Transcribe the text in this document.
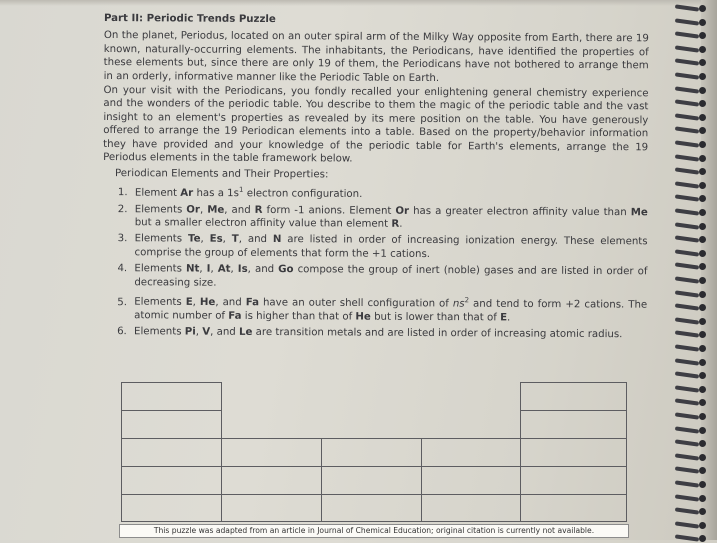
Part II: Periodic Trends Puzzle

On the planet, Periodus, located on an outer spiral arm of the Milky Way opposite from Earth, there are 19 known, naturally-occurring elements. The inhabitants, the Periodicans, have identified the properties of these elements but, since there are only 19 of them, the Periodicans have not bothered to arrange them in an orderly, informative manner like the Periodic Table on Earth.

On your visit with the Periodicans, you fondly recalled your enlightening general chemistry experience and the wonders of the periodic table. You describe to them the magic of the periodic table and the vast insight to an element's properties as revealed by its mere position on the table. You have generously offered to arrange the 19 Periodican elements into a table. Based on the property/behavior information they have provided and your knowledge of the periodic table for Earth's elements, arrange the 19 Periodus elements in the table framework below.

Periodican Elements and Their Properties:
1. Element Ar has a $1s^1$ electron configuration.
2. Elements Or, Me, and R form -1 anions. Element Or has a greater electron affinity value than Me but a smaller electron affinity value than element R.
3. Elements Te, Es, T, and N are listed in order of increasing ionization energy. These elements comprise the group of elements that form the +1 cations.
4. Elements Nt, I, At, Is, and Go compose the group of inert (noble) gases and are listed in order of decreasing size.
5. Elements E, He, and Fa have an outer shell configuration of $ns^2$ and tend to form +2 cations. The atomic number of Fa is higher than that of He but is lower than that of E.
6. Elements Pi, V, and Le are transition metals and are listed in order of increasing atomic radius.
This puzzle was adapted from an article in Journal of Chemical Education; original citation is currently not available.
